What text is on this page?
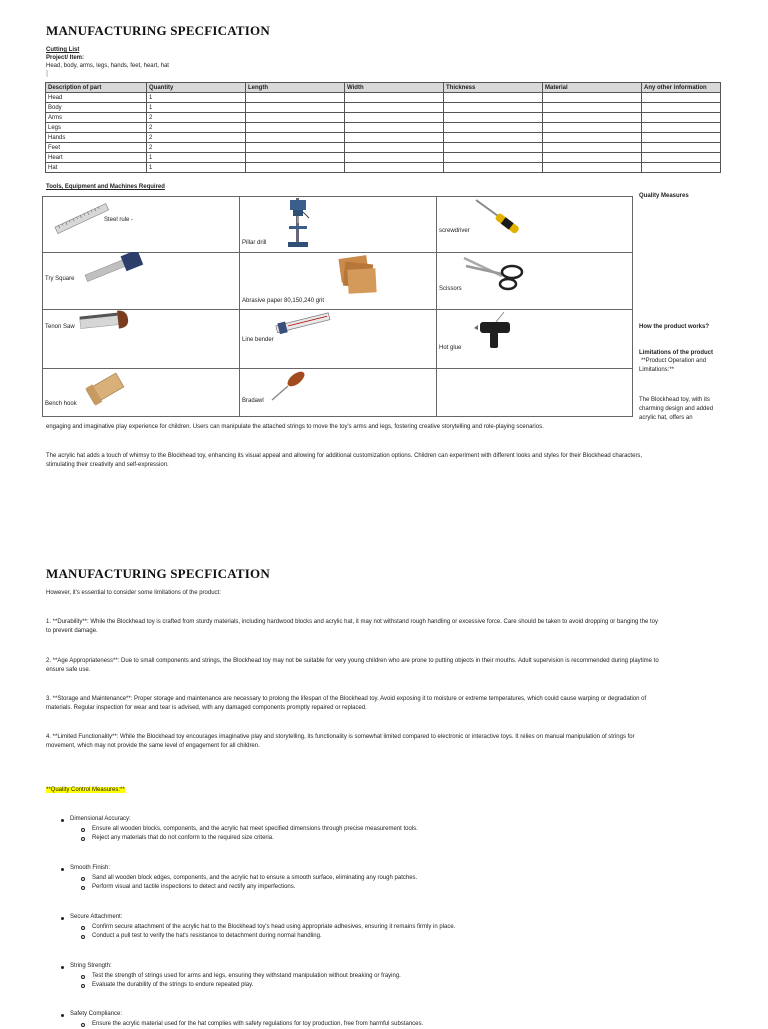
MANUFACTURING SPECFICATION
Cutting List
Project/ Item:
Head, body, arms, legs, hands, feet, heart, hat
⸾
Description of part	Quantity	Length	Width	Thickness	Material	Any other information
Head	1					
Body	1					
Arms	2					
Legs	2					
Hands	2					
Feet	2					
Heart	1					
Hat	1					
Tools, Equipment and Machines Required
Steel rule -
Pillar drill
screwdriver
Try Square
Abrasive paper 80,150,240 grit
Scissors
Tenon Saw
Line bender
Hot glue
Bench hook	Bradawl
Quality Measures
How the product works?
Limitations of the product
**Product Operation and
Limitations:**
The Blockhead toy, with its
charming design and added
acrylic hat, offers an
engaging and imaginative play experience for children. Users can manipulate the attached strings to move the toy's arms and legs, fostering creative storytelling and role-playing scenarios.
The acrylic hat adds a touch of whimsy to the Blockhead toy, enhancing its visual appeal and allowing for additional customization options. Children can experiment with different looks and styles for their Blockhead characters,
stimulating their creativity and self-expression.
MANUFACTURING SPECFICATION
However, it's essential to consider some limitations of the product:
1. **Durability**: While the Blockhead toy is crafted from sturdy materials, including hardwood blocks and acrylic hat, it may not withstand rough handling or excessive force. Care should be taken to avoid dropping or banging the toy
to prevent damage.
2. **Age Appropriateness**: Due to small components and strings, the Blockhead toy may not be suitable for very young children who are prone to putting objects in their mouths. Adult supervision is recommended during playtime to
ensure safe use.
3. **Storage and Maintenance**: Proper storage and maintenance are necessary to prolong the lifespan of the Blockhead toy. Avoid exposing it to moisture or extreme temperatures, which could cause warping or degradation of
materials. Regular inspection for wear and tear is advised, with any damaged components promptly repaired or replaced.
4. **Limited Functionality**: While the Blockhead toy encourages imaginative play and storytelling, its functionality is somewhat limited compared to electronic or interactive toys. It relies on manual manipulation of strings for
movement, which may not provide the same level of engagement for all children.
**Quality Control Measures:**
Dimensional Accuracy:
Ensure all wooden blocks, components, and the acrylic hat meet specified dimensions through precise measurement tools.
Reject any materials that do not conform to the required size criteria.
Smooth Finish:
Sand all wooden block edges, components, and the acrylic hat to ensure a smooth surface, eliminating any rough patches.
Perform visual and tactile inspections to detect and rectify any imperfections.
Secure Attachment:
Confirm secure attachment of the acrylic hat to the Blockhead toy's head using appropriate adhesives, ensuring it remains firmly in place.
Conduct a pull test to verify the hat's resistance to detachment during normal handling.
String Strength:
Test the strength of strings used for arms and legs, ensuring they withstand manipulation without breaking or fraying.
Evaluate the durability of the strings to endure repeated play.
Safety Compliance:
Ensure the acrylic material used for the hat complies with safety regulations for toy production, free from harmful substances.
